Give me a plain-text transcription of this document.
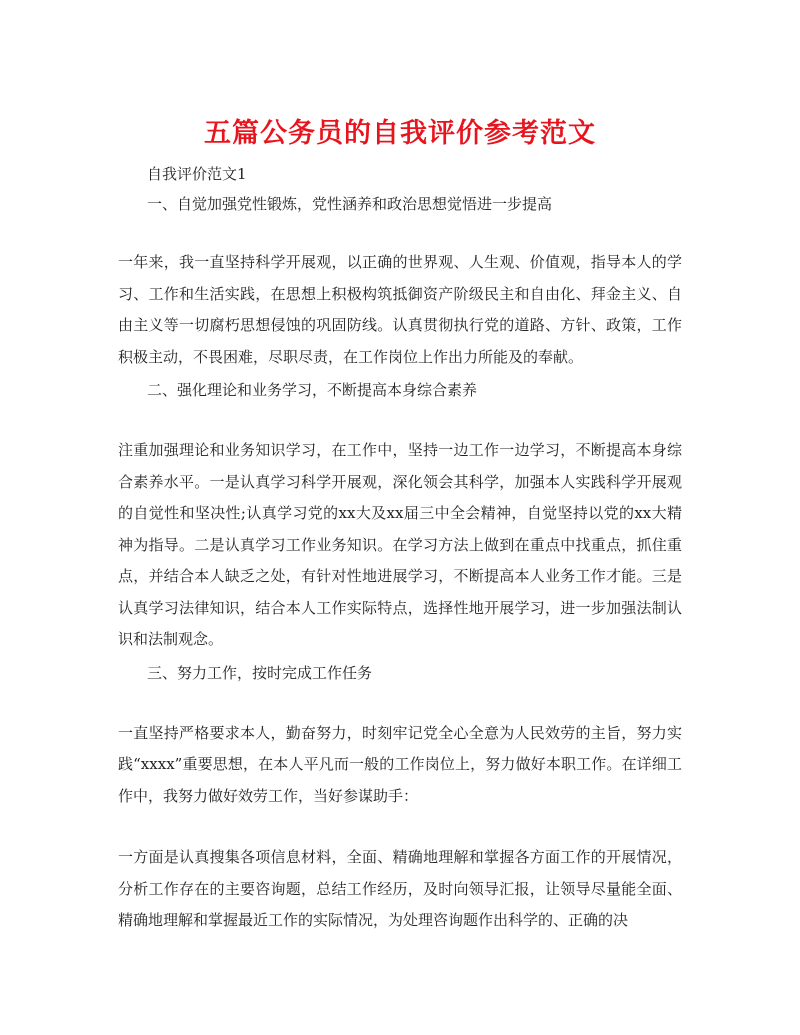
五篇公务员的自我评价参考范文

自我评价范文1

一、自觉加强党性锻炼，党性涵养和政治思想觉悟进一步提高

一年来，我一直坚持科学开展观，以正确的世界观、人生观、价值观，指导本人的学习、工作和生活实践，在思想上积极构筑抵御资产阶级民主和自由化、拜金主义、自由主义等一切腐朽思想侵蚀的巩固防线。认真贯彻执行党的道路、方针、政策，工作积极主动，不畏困难，尽职尽责，在工作岗位上作出力所能及的奉献。

二、强化理论和业务学习，不断提高本身综合素养

注重加强理论和业务知识学习，在工作中，坚持一边工作一边学习，不断提高本身综合素养水平。一是认真学习科学开展观，深化领会其科学，加强本人实践科学开展观的自觉性和坚决性;认真学习党的xx大及xx届三中全会精神，自觉坚持以党的xx大精神为指导。二是认真学习工作业务知识。在学习方法上做到在重点中找重点，抓住重点，并结合本人缺乏之处，有针对性地进展学习，不断提高本人业务工作才能。三是认真学习法律知识，结合本人工作实际特点，选择性地开展学习，进一步加强法制认识和法制观念。

三、努力工作，按时完成工作任务

一直坚持严格要求本人，勤奋努力，时刻牢记党全心全意为人民效劳的主旨，努力实践“xxxx”重要思想，在本人平凡而一般的工作岗位上，努力做好本职工作。在详细工作中，我努力做好效劳工作，当好参谋助手：

一方面是认真搜集各项信息材料，全面、精确地理解和掌握各方面工作的开展情况，分析工作存在的主要咨询题，总结工作经历，及时向领导汇报，让领导尽量能全面、精确地理解和掌握最近工作的实际情况，为处理咨询题作出科学的、正确的决
